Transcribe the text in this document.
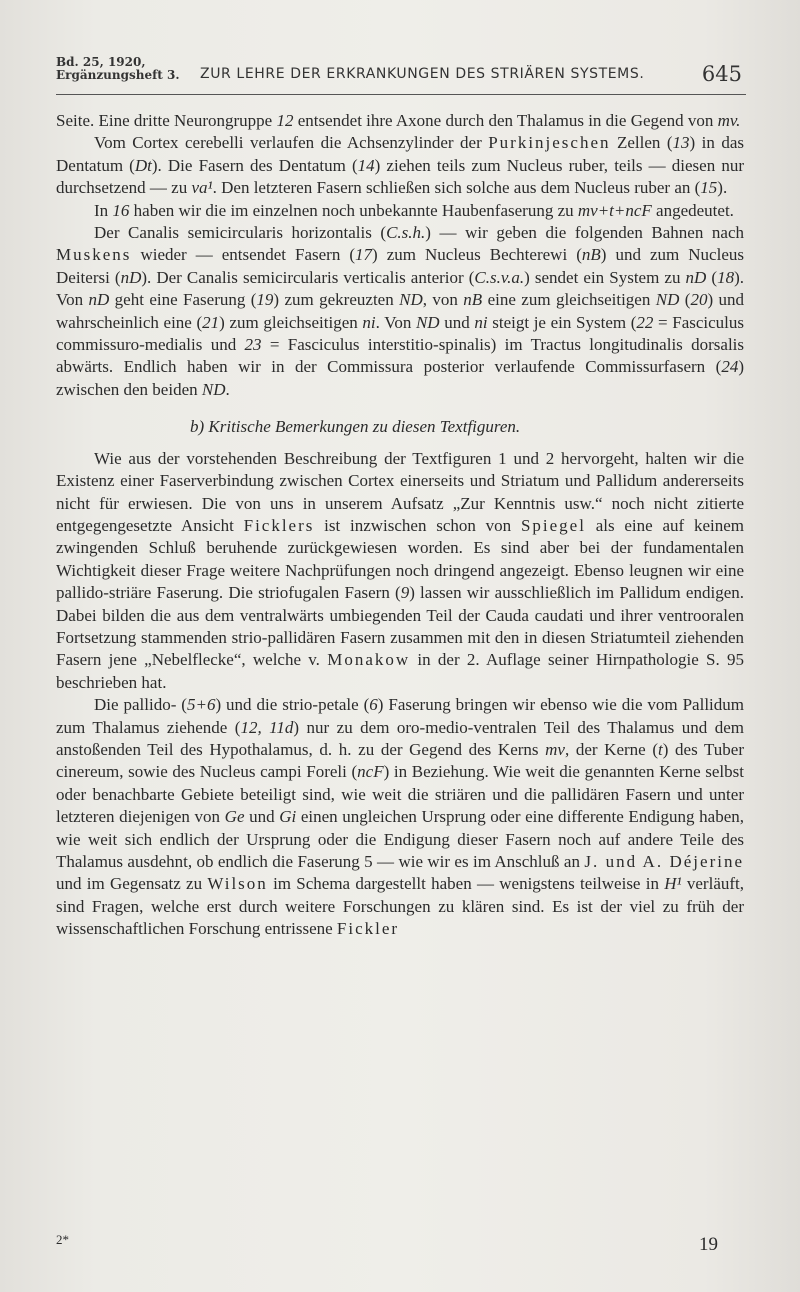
Bd. 25, 1920,
Ergänzungsheft 3. ZUR LEHRE DER ERKRANKUNGEN DES STRIÄREN SYSTEMS.	645

Seite. Eine dritte Neurongruppe 12 entsendet ihre Axone durch den Thalamus in die Gegend von mv.

Vom Cortex cerebelli verlaufen die Achsenzylinder der Purkinjeschen Zellen (13) in das Dentatum (Dt). Die Fasern des Dentatum (14) ziehen teils zum Nucleus ruber, teils — diesen nur durchsetzend — zu va¹. Den letzteren Fasern schließen sich solche aus dem Nucleus ruber an (15).

In 16 haben wir die im einzelnen noch unbekannte Haubenfaserung zu mv+t+ncF angedeutet.

Der Canalis semicircularis horizontalis (C.s.h.) — wir geben die folgenden Bahnen nach Muskens wieder — entsendet Fasern (17) zum Nucleus Bechterewi (nB) und zum Nucleus Deitersi (nD). Der Canalis semicircularis verticalis anterior (C.s.v.a.) sendet ein System zu nD (18). Von nD geht eine Faserung (19) zum gekreuzten ND, von nB eine zum gleichseitigen ND (20) und wahrscheinlich eine (21) zum gleichseitigen ni. Von ND und ni steigt je ein System (22 = Fasciculus commissuro-medialis und 23 = Fasciculus interstitio-spinalis) im Tractus longitudinalis dorsalis abwärts. Endlich haben wir in der Commissura posterior verlaufende Commissurfasern (24) zwischen den beiden ND.

b) Kritische Bemerkungen zu diesen Textfiguren.

Wie aus der vorstehenden Beschreibung der Textfiguren 1 und 2 hervorgeht, halten wir die Existenz einer Faserverbindung zwischen Cortex einerseits und Striatum und Pallidum andererseits nicht für erwiesen. Die von uns in unserem Aufsatz „Zur Kenntnis usw.“ noch nicht zitierte entgegengesetzte Ansicht Ficklers ist inzwischen schon von Spiegel als eine auf keinem zwingenden Schluß beruhende zurückgewiesen worden. Es sind aber bei der fundamentalen Wichtigkeit dieser Frage weitere Nachprüfungen noch dringend angezeigt. Ebenso leugnen wir eine pallido-striäre Faserung. Die striofugalen Fasern (9) lassen wir ausschließlich im Pallidum endigen. Dabei bilden die aus dem ventralwärts umbiegenden Teil der Cauda caudati und ihrer ventrooralen Fortsetzung stammenden strio-pallidären Fasern zusammen mit den in diesen Striatumteil ziehenden Fasern jene „Nebelflecke“, welche v. Monakow in der 2. Auflage seiner Hirnpathologie S. 95 beschrieben hat.

Die pallido- (5+6) und die strio-petale (6) Faserung bringen wir ebenso wie die vom Pallidum zum Thalamus ziehende (12, 11d) nur zu dem oro-medio-ventralen Teil des Thalamus und dem anstoßenden Teil des Hypothalamus, d. h. zu der Gegend des Kerns mv, der Kerne (t) des Tuber cinereum, sowie des Nucleus campi Foreli (ncF) in Beziehung. Wie weit die genannten Kerne selbst oder benachbarte Gebiete beteiligt sind, wie weit die striären und die pallidären Fasern und unter letzteren diejenigen von Ge und Gi einen ungleichen Ursprung oder eine differente Endigung haben, wie weit sich endlich der Ursprung oder die Endigung dieser Fasern noch auf andere Teile des Thalamus ausdehnt, ob endlich die Faserung 5 — wie wir es im Anschluß an J. und A. Déjerine und im Gegensatz zu Wilson im Schema dargestellt haben — wenigstens teilweise in H¹ verläuft, sind Fragen, welche erst durch weitere Forschungen zu klären sind. Es ist der viel zu früh der wissenschaftlichen Forschung entrissene Fickler

2*	19
